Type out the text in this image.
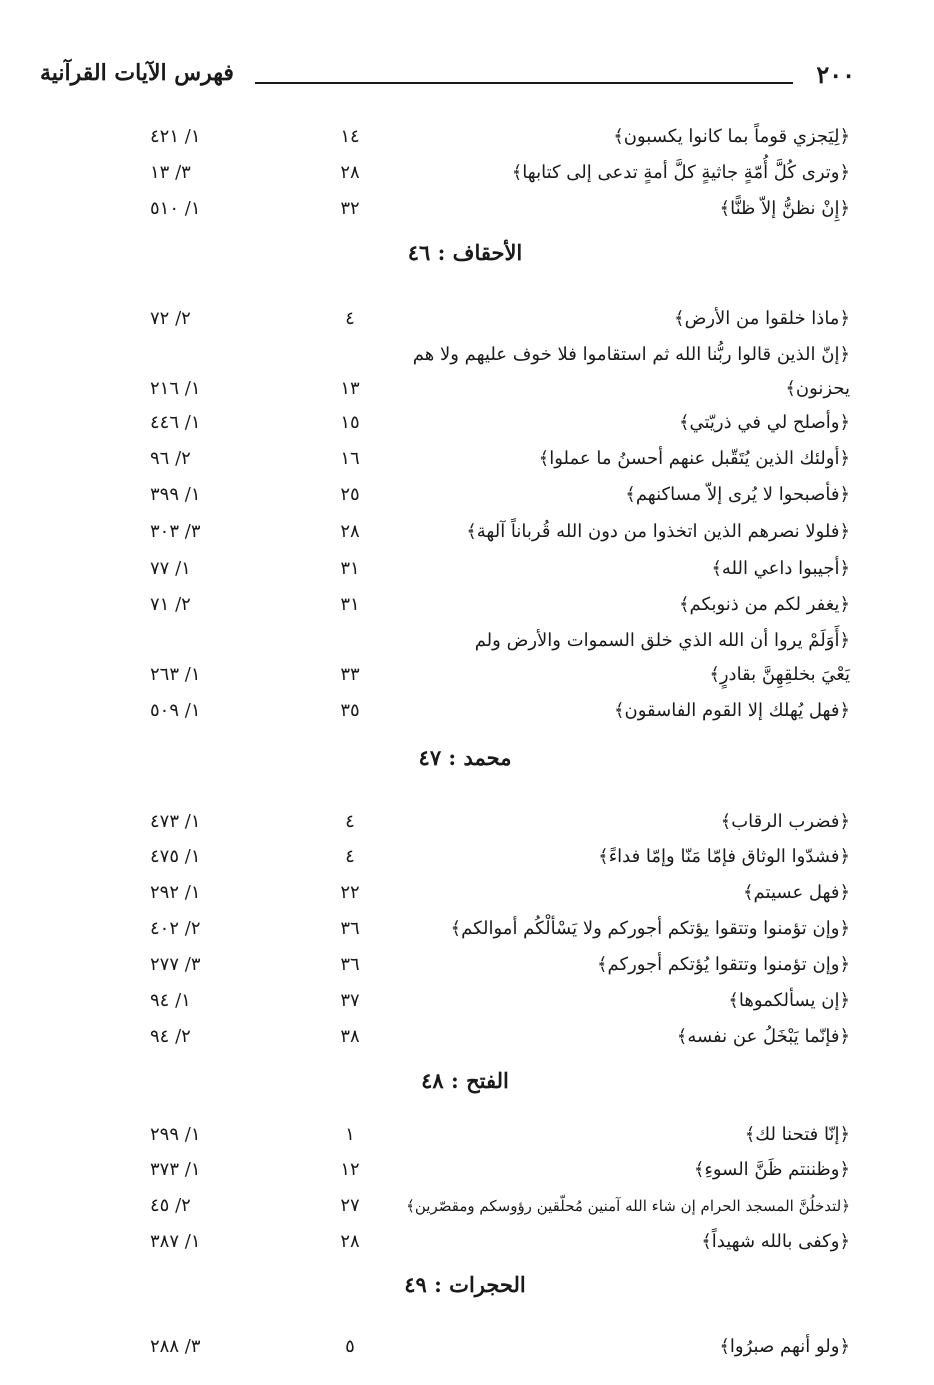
٢٠٠
فهرس الآيات القرآنية
﴿لِيَجزي قوماً بما كانوا يكسبون﴾
١٤
١/ ٤٢١
﴿وترى كُلَّ أُمّةٍ جاثيةٍ كلَّ أمةٍ تدعى إلى كتابها﴾
٢٨
٣/ ١٣
﴿إِنْ نظنُّ إلاّ ظنًّا﴾
٣٢
١/ ٥١٠
الأحقاف : ٤٦
﴿ماذا خلقوا من الأرض﴾
٤
٢/ ٧٢
﴿إنّ الذين قالوا ربُّنا الله ثم استقاموا فلا خوف عليهم ولا هم
يحزنون﴾
١٣
١/ ٢١٦
﴿وأصلح لي في ذريّتي﴾
١٥
١/ ٤٤٦
﴿أولئك الذين يُتَقّبل عنهم أحسنُ ما عملوا﴾
١٦
٢/ ٩٦
﴿فأصبحوا لا يُرى إلاّ مساكنهم﴾
٢٥
١/ ٣٩٩
﴿فلولا نصرهم الذين اتخذوا من دون الله قُرباناً آلهة﴾
٢٨
٣/ ٣٠٣
﴿أجيبوا داعي الله﴾
٣١
١/ ٧٧
﴿يغفر لكم من ذنوبكم﴾
٣١
٢/ ٧١
﴿أَوَلَمْ يروا أن الله الذي خلق السموات والأرض ولم
يَعْيَ بخلقِهِنَّ بقادرٍ﴾
٣٣
١/ ٢٦٣
﴿فهل يُهلك إلا القوم الفاسقون﴾
٣٥
١/ ٥٠٩
محمد : ٤٧
﴿فضرب الرقاب﴾
٤
١/ ٤٧٣
﴿فشدّوا الوثاق فإمّا مَنّا وإمّا فداءً﴾
٤
١/ ٤٧٥
﴿فهل عسيتم﴾
٢٢
١/ ٢٩٢
﴿وإن تؤمنوا وتتقوا يؤتكم أجوركم ولا يَسْألْكُم أموالكم﴾
٣٦
٢/ ٤٠٢
﴿وإن تؤمنوا وتتقوا يُؤتكم أجوركم﴾
٣٦
٣/ ٢٧٧
﴿إن يسألكموها﴾
٣٧
١/ ٩٤
﴿فإنّما يَبْخَلُ عن نفسه﴾
٣٨
٢/ ٩٤
الفتح : ٤٨
﴿إنّا فتحنا لك﴾
١
١/ ٢٩٩
﴿وظننتم ظَنَّ السوءِ﴾
١٢
١/ ٣٧٣
﴿لتدخلُنَّ المسجد الحرام إن شاء الله آمنين مُحلّقين رؤوسكم ومقصّرين﴾
٢٧
٢/ ٤٥
﴿وكفى بالله شهيداً﴾
٢٨
١/ ٣٨٧
الحجرات : ٤٩
﴿ولو أنهم صبرُوا﴾
٥
٣/ ٢٨٨
